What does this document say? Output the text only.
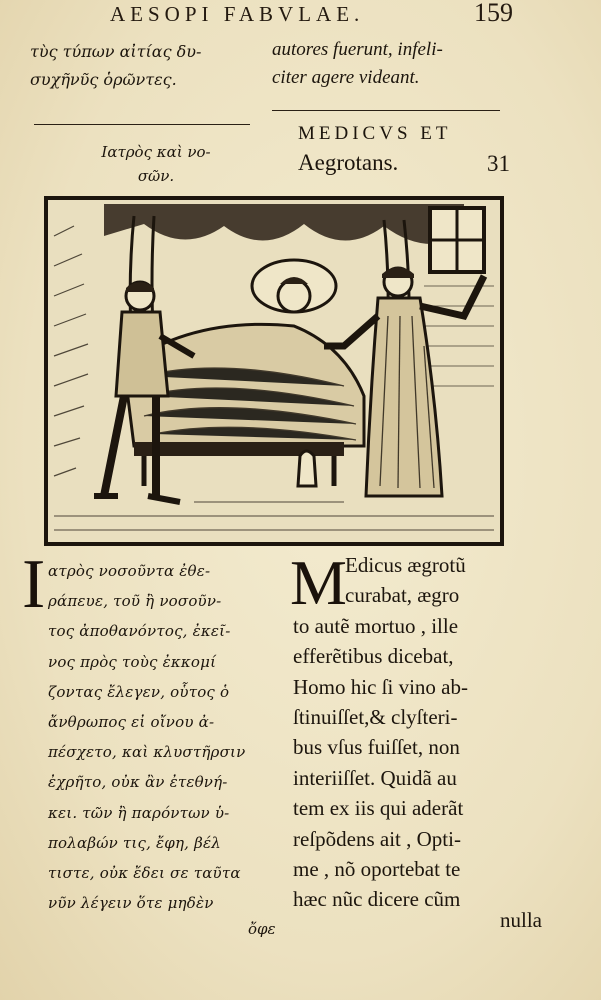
AESOPI FABVLAE.	159
τὺς τύπων αἰτίας δυ-
συχῆνῦς ὁρῶντες.
autores fuerunt, infeli-
citer agere videant.
Ιατρὸς καὶ νο-
σῶν.
MEDICVS ET
Aegrotans.	31
Ι ατρὸς νοσοῦντα ἐθε-
ράπευε, τοῦ ἢ νοσοῦν-
τος ἀποθανόντος, ἐκεῖ-
νος πρὸς τοὺς ἐκκομί
ζοντας ἔλεγεν, οὗτος ὁ
ἄνθρωπος εἰ οἴνου ἀ-
πέσχετο, καὶ κλυστῆρσιν
ἐχρῆτο, οὐκ ἂν ἐτεθνή-
κει. τῶν ἢ παρόντων ὑ-
πολαβών τις, ἔφη, βέλ
τιστε, οὐκ ἔδει σε ταῦτα
νῦν λέγειν ὅτε μηδὲν
ὄφε
M
Edicus ægrotũ
curabat, ægro
to autẽ mortuo , ille
efferẽtibus dicebat,
Homo hic ſi vino ab-
ſtinuiſſet,& clyſteri-
bus vſus fuiſſet, non
interiiſſet. Quidã au
tem ex iis qui aderãt
reſpõdens ait , Opti-
me , nõ oportebat te
hæc nũc dicere cũm
nulla
